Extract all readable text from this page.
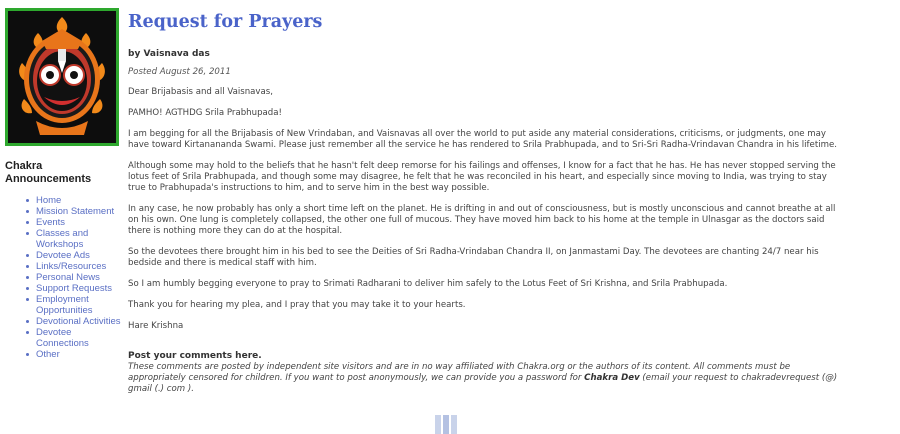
Chakra Announcements
Home
Mission Statement
Events
Classes and Workshops
Devotee Ads
Links/Resources
Personal News
Support Requests
Employment Opportunities
Devotional Activities
Devotee Connections
Other
Request for Prayers
by Vaisnava das
Posted August 26, 2011

Dear Brijabasis and all Vaisnavas,

PAMHO! AGTHDG Srila Prabhupada!

I am begging for all the Brijabasis of New Vrindaban, and Vaisnavas all over the world to put aside any material considerations, criticisms, or judgments, one may have toward Kirtanananda Swami. Please just remember all the service he has rendered to Srila Prabhupada, and to Sri-Sri Radha-Vrindavan Chandra in his lifetime.

Although some may hold to the beliefs that he hasn't felt deep remorse for his failings and offenses, I know for a fact that he has. He has never stopped serving the lotus feet of Srila Prabhupada, and though some may disagree, he felt that he was reconciled in his heart, and especially since moving to India, was trying to stay true to Prabhupada's instructions to him, and to serve him in the best way possible.

In any case, he now probably has only a short time left on the planet. He is drifting in and out of consciousness, but is mostly unconscious and cannot breathe at all on his own. One lung is completely collapsed, the other one full of mucous. They have moved him back to his home at the temple in Ulnasgar as the doctors said there is nothing more they can do at the hospital.

So the devotees there brought him in his bed to see the Deities of Sri Radha-Vrindaban Chandra II, on Janmastami Day. The devotees are chanting 24/7 near his bedside and there is medical staff with him.

So I am humbly begging everyone to pray to Srimati Radharani to deliver him safely to the Lotus Feet of Sri Krishna, and Srila Prabhupada.

Thank you for hearing my plea, and I pray that you may take it to your hearts.

Hare Krishna

Post your comments here.

These comments are posted by independent site visitors and are in no way affiliated with Chakra.org or the authors of its content. All comments must be appropriately censored for children. If you want to post anonymously, we can provide you a password for Chakra Dev (email your request to chakradevrequest (@) gmail (.) com ).
